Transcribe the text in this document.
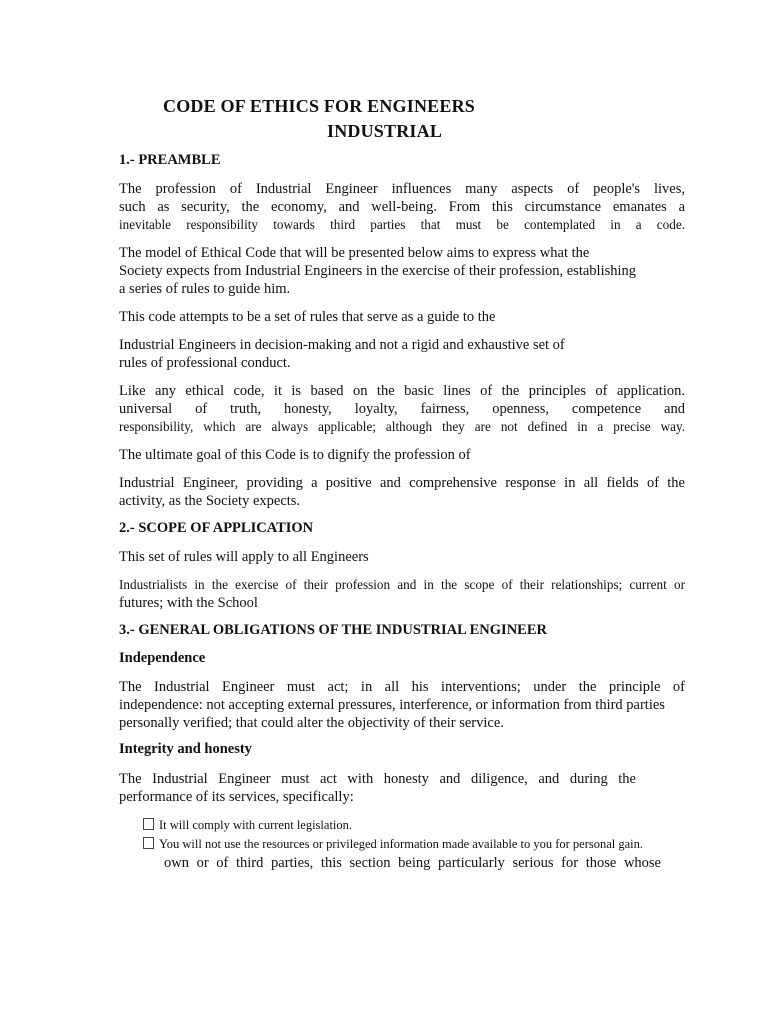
CODE OF ETHICS FOR ENGINEERS
INDUSTRIAL
1.- PREAMBLE
The profession of Industrial Engineer influences many aspects of people's lives,
such as security, the economy, and well-being. From this circumstance emanates a
inevitable responsibility towards third parties that must be contemplated in a code.
The model of Ethical Code that will be presented below aims to express what the
Society expects from Industrial Engineers in the exercise of their profession, establishing
a series of rules to guide him.
This code attempts to be a set of rules that serve as a guide to the
Industrial Engineers in decision-making and not a rigid and exhaustive set of
rules of professional conduct.
Like any ethical code, it is based on the basic lines of the principles of application.
universal of truth, honesty, loyalty, fairness, openness, competence and
responsibility, which are always applicable; although they are not defined in a precise way.
The ultimate goal of this Code is to dignify the profession of
Industrial Engineer, providing a positive and comprehensive response in all fields of the
activity, as the Society expects.
2.- SCOPE OF APPLICATION
This set of rules will apply to all Engineers
Industrialists in the exercise of their profession and in the scope of their relationships; current or
futures; with the School
3.- GENERAL OBLIGATIONS OF THE INDUSTRIAL ENGINEER
Independence
The Industrial Engineer must act; in all his interventions; under the principle of
independence: not accepting external pressures, interference, or information from third parties
personally verified; that could alter the objectivity of their service.
Integrity and honesty
The Industrial Engineer must act with honesty and diligence, and during the
performance of its services, specifically:
It will comply with current legislation.
You will not use the resources or privileged information made available to you for personal gain.
own or of third parties, this section being particularly serious for those whose
